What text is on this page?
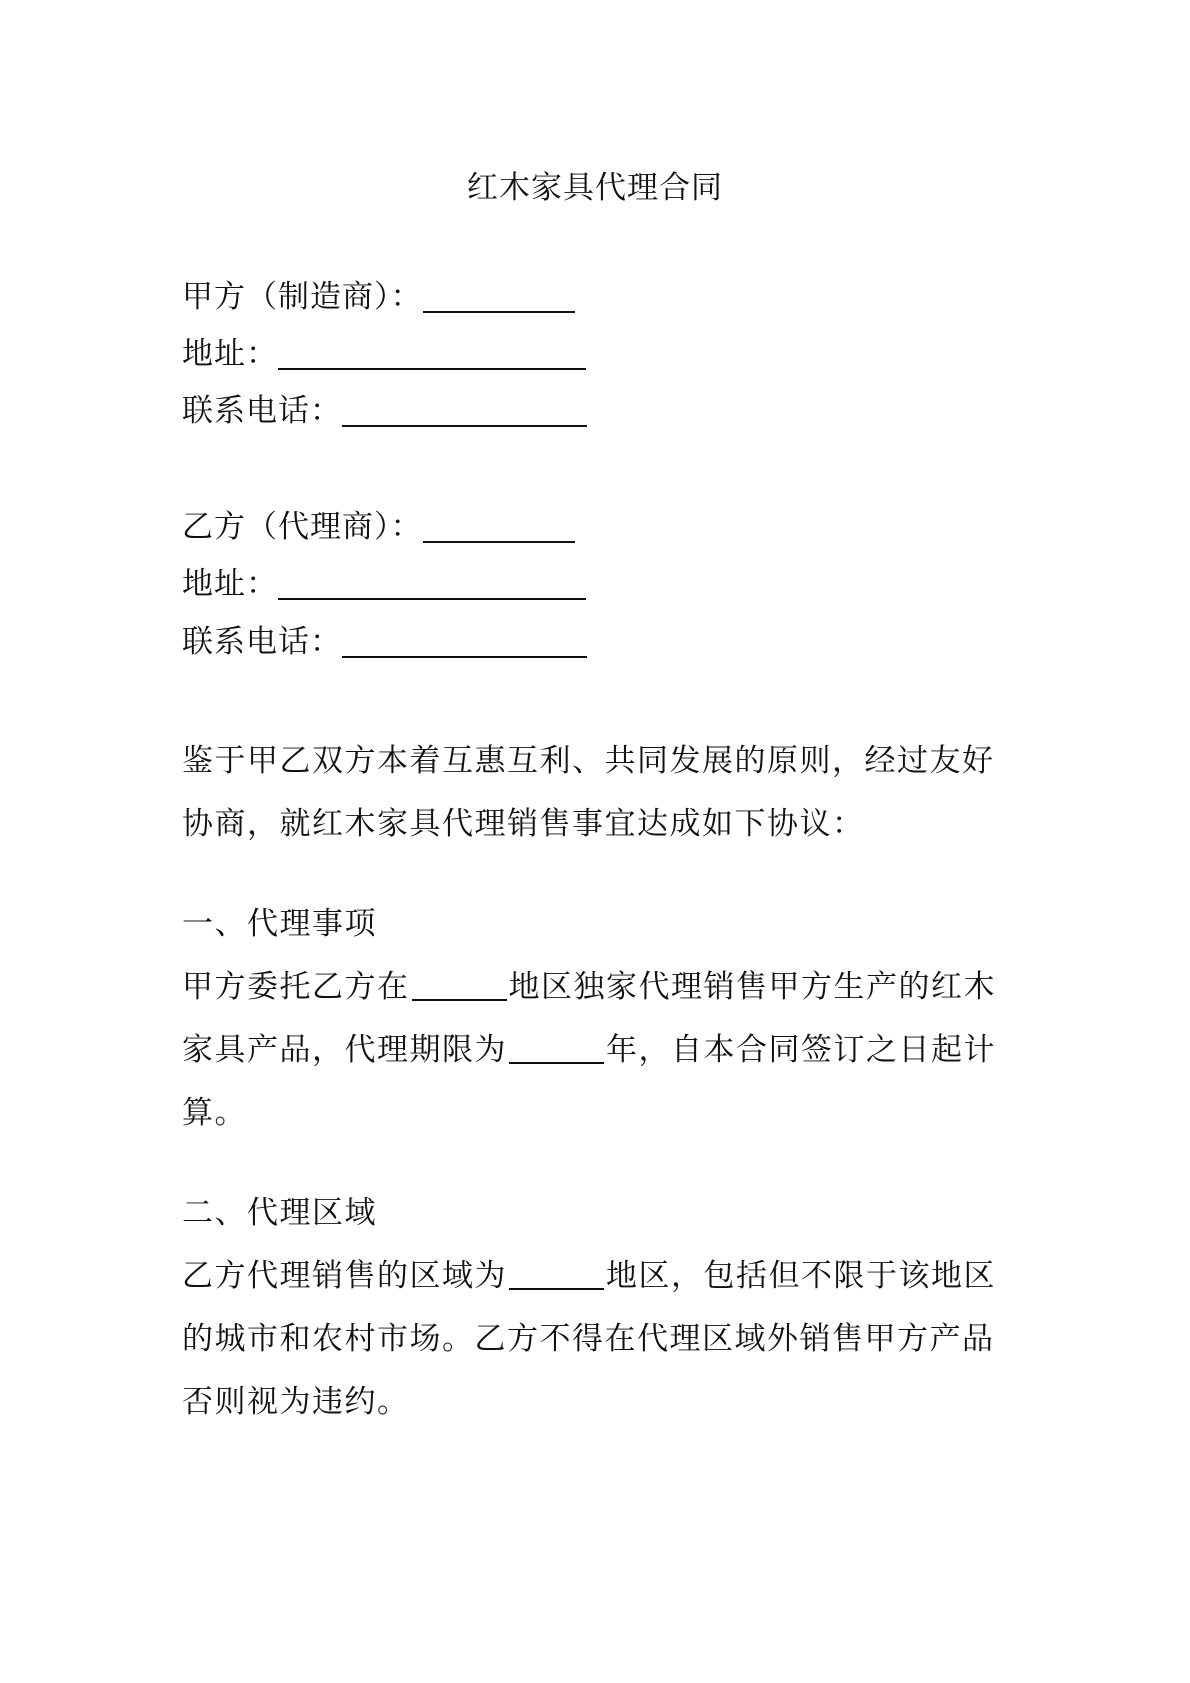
红木家具代理合同
甲方（制造商）：
地址：
联系电话：
乙方（代理商）：
地址：
联系电话：
鉴于甲乙双方本着互惠互利、共同发展的原则，经过友好
协商，就红木家具代理销售事宜达成如下协议：
一、代理事项
甲方委托乙方在	地区独家代理销售甲方生产的红木
家具产品，代理期限为	年，自本合同签订之日起计
算。
二、代理区域
乙方代理销售的区域为	地区，包括但不限于该地区
的城市和农村市场。乙方不得在代理区域外销售甲方产品
否则视为违约。
